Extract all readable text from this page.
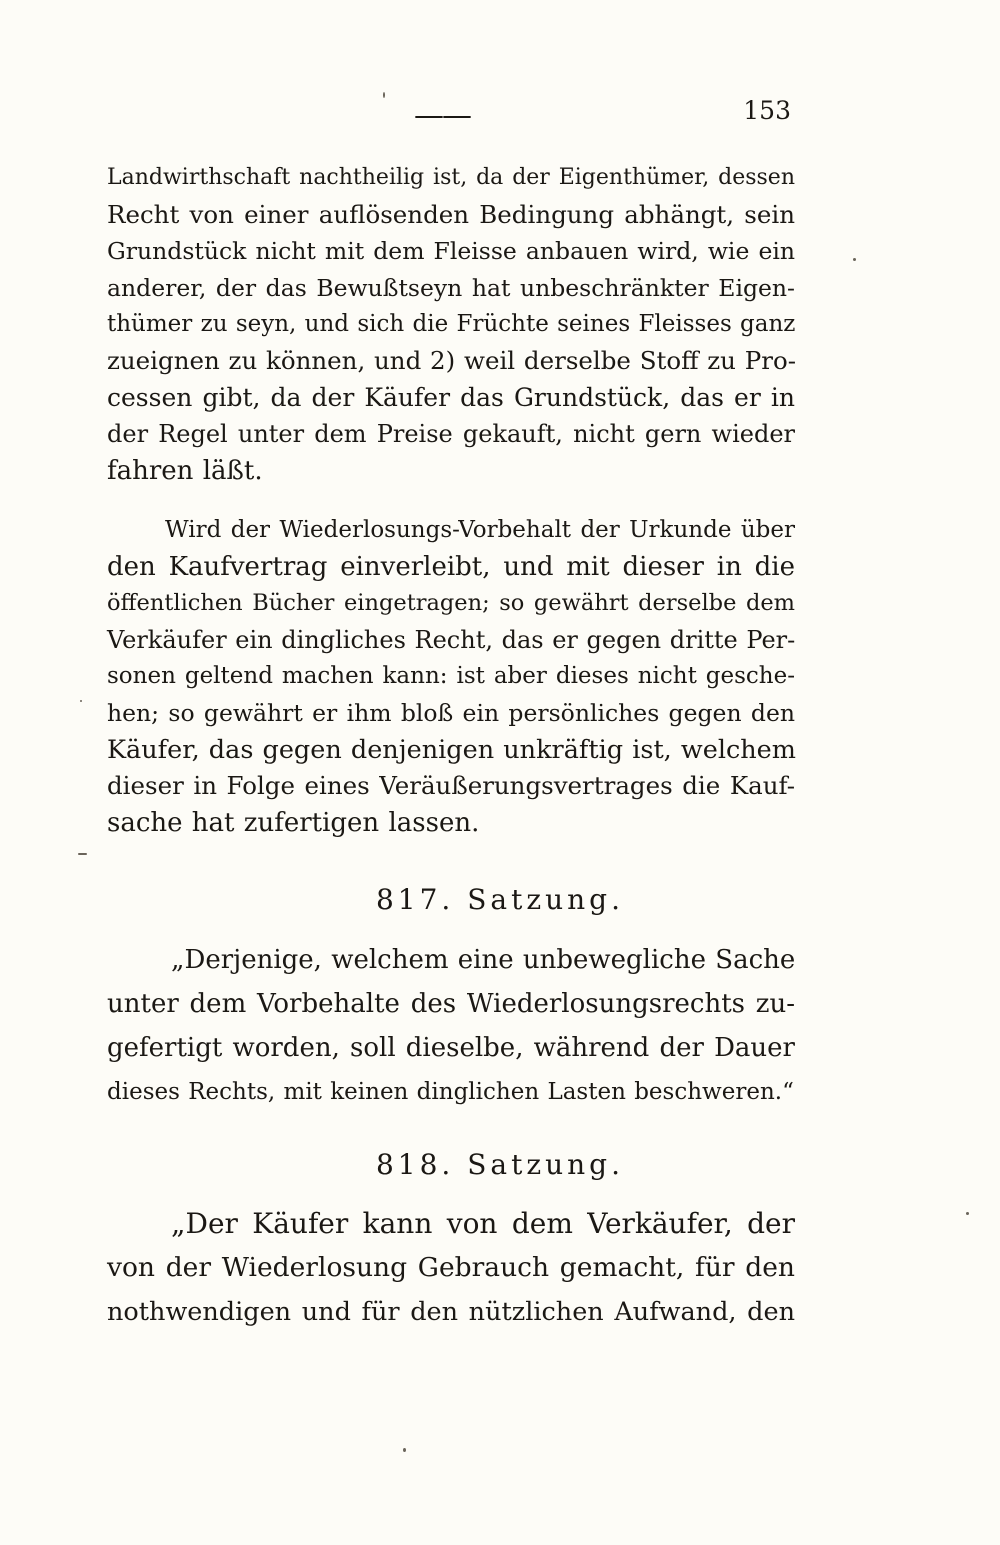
——	153

Landwirthschaft nachtheilig ist, da der Eigenthümer, dessen
Recht von einer auflösenden Bedingung abhängt, sein
Grundstück nicht mit dem Fleisse anbauen wird, wie ein
anderer, der das Bewußtseyn hat unbeschränkter Eigen-
thümer zu seyn, und sich die Früchte seines Fleisses ganz
zueignen zu können, und 2) weil derselbe Stoff zu Pro-
cessen gibt, da der Käufer das Grundstück, das er in
der Regel unter dem Preise gekauft, nicht gern wieder
fahren läßt.

Wird der Wiederlosungs-Vorbehalt der Urkunde über
den Kaufvertrag einverleibt, und mit dieser in die
öffentlichen Bücher eingetragen; so gewährt derselbe dem
Verkäufer ein dingliches Recht, das er gegen dritte Per-
sonen geltend machen kann: ist aber dieses nicht gesche-
hen; so gewährt er ihm bloß ein persönliches gegen den
Käufer, das gegen denjenigen unkräftig ist, welchem
dieser in Folge eines Veräußerungsvertrages die Kauf-
sache hat zufertigen lassen.

817. Satzung.

„Derjenige, welchem eine unbewegliche Sache
unter dem Vorbehalte des Wiederlosungsrechts zu-
gefertigt worden, soll dieselbe, während der Dauer
dieses Rechts, mit keinen dinglichen Lasten beschweren.“

818. Satzung.

„Der Käufer kann von dem Verkäufer, der
von der Wiederlosung Gebrauch gemacht, für den
nothwendigen und für den nützlichen Aufwand, den
